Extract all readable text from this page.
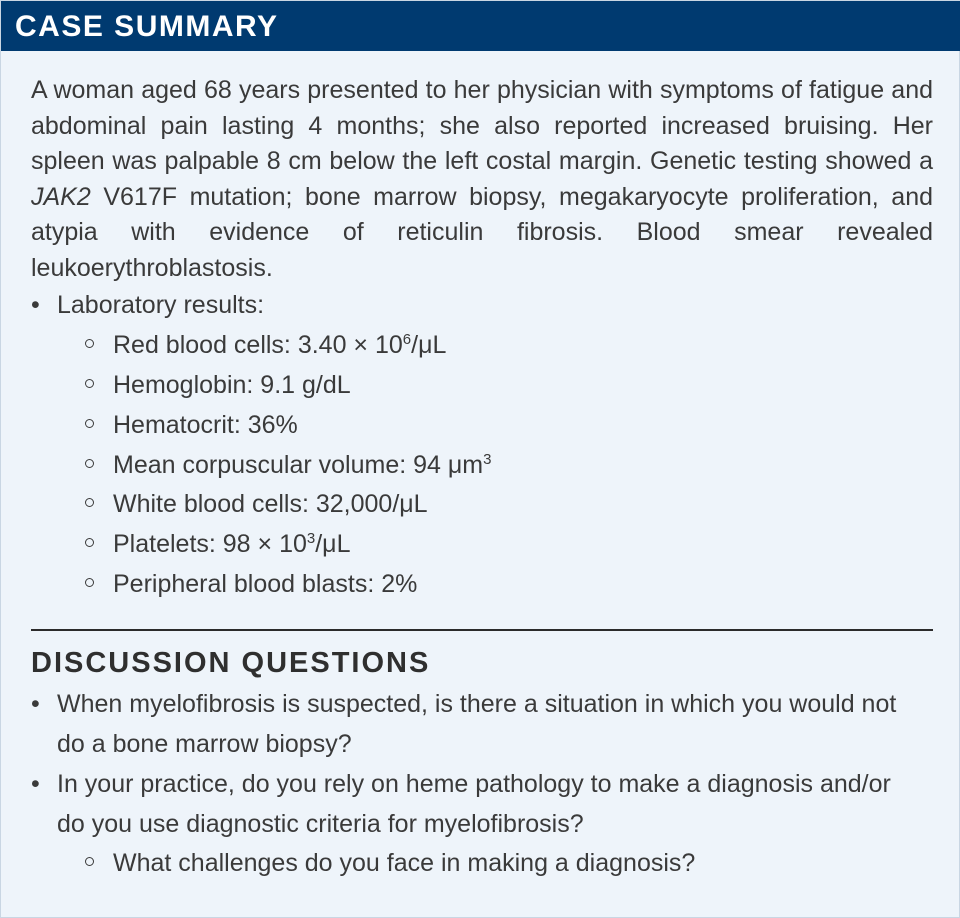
CASE SUMMARY
A woman aged 68 years presented to her physician with symptoms of fatigue and abdominal pain lasting 4 months; she also reported increased bruising. Her spleen was palpable 8 cm below the left costal margin. Genetic testing showed a JAK2 V617F mutation; bone marrow biopsy, megakaryocyte proliferation, and atypia with evidence of reticulin fibrosis. Blood smear revealed leukoerythroblastosis.
• Laboratory results:
Red blood cells: $3.40 \times 10^6/\mu L$
Hemoglobin: 9.1 g/dL
Hematocrit: 36%
Mean corpuscular volume: 94 $\mu m^3$
White blood cells: 32,000/μL
Platelets: $98 \times 10^3/\mu L$
Peripheral blood blasts: 2%
DISCUSSION QUESTIONS
• When myelofibrosis is suspected, is there a situation in which you would not do a bone marrow biopsy?
• In your practice, do you rely on heme pathology to make a diagnosis and/or do you use diagnostic criteria for myelofibrosis?
What challenges do you face in making a diagnosis?
